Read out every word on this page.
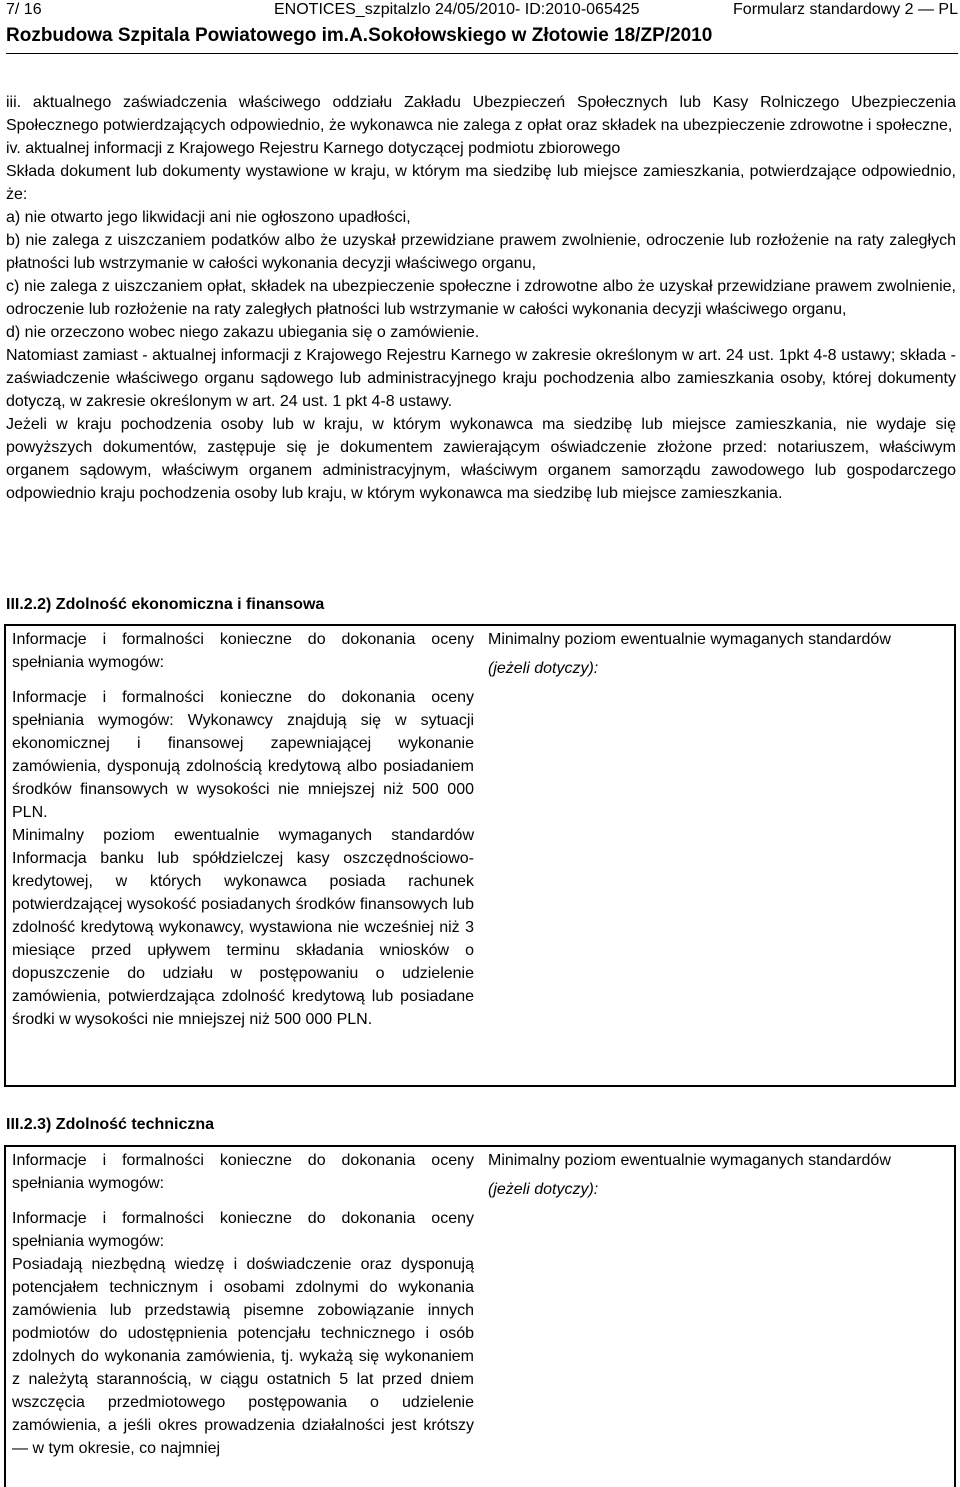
7/ 16	ENOTICES_szpitalzlo 24/05/2010- ID:2010-065425	Formularz standardowy 2 — PL
Rozbudowa Szpitala Powiatowego im.A.Sokołowskiego w Złotowie 18/ZP/2010

iii. aktualnego zaświadczenia właściwego oddziału Zakładu Ubezpieczeń Społecznych lub Kasy Rolniczego Ubezpieczenia Społecznego potwierdzających odpowiednio, że wykonawca nie zalega z opłat oraz składek na ubezpieczenie zdrowotne i społeczne,

iv. aktualnej informacji z Krajowego Rejestru Karnego dotyczącej podmiotu zbiorowego

Składa dokument lub dokumenty wystawione w kraju, w którym ma siedzibę lub miejsce zamieszkania, potwierdzające odpowiednio, że:

a) nie otwarto jego likwidacji ani nie ogłoszono upadłości,

b) nie zalega z uiszczaniem podatków albo że uzyskał przewidziane prawem zwolnienie, odroczenie lub rozłożenie na raty zaległych płatności lub wstrzymanie w całości wykonania decyzji właściwego organu,

c) nie zalega z uiszczaniem opłat, składek na ubezpieczenie społeczne i zdrowotne albo że uzyskał przewidziane prawem zwolnienie, odroczenie lub rozłożenie na raty zaległych płatności lub wstrzymanie w całości wykonania decyzji właściwego organu,

d) nie orzeczono wobec niego zakazu ubiegania się o zamówienie.

Natomiast zamiast - aktualnej informacji z Krajowego Rejestru Karnego w zakresie określonym w art. 24 ust. 1pkt 4-8 ustawy; składa - zaświadczenie właściwego organu sądowego lub administracyjnego kraju pochodzenia albo zamieszkania osoby, której dokumenty dotyczą, w zakresie określonym w art. 24 ust. 1 pkt 4-8 ustawy.

Jeżeli w kraju pochodzenia osoby lub w kraju, w którym wykonawca ma siedzibę lub miejsce zamieszkania, nie wydaje się powyższych dokumentów, zastępuje się je dokumentem zawierającym oświadczenie złożone przed: notariuszem, właściwym organem sądowym, właściwym organem administracyjnym, właściwym organem samorządu zawodowego lub gospodarczego odpowiednio kraju pochodzenia osoby lub kraju, w którym wykonawca ma siedzibę lub miejsce zamieszkania.

III.2.2) Zdolność ekonomiczna i finansowa

Informacje i formalności konieczne do dokonania oceny spełniania wymogów:

Informacje i formalności konieczne do dokonania oceny spełniania wymogów: Wykonawcy znajdują się w sytuacji ekonomicznej i finansowej zapewniającej wykonanie zamówienia, dysponują zdolnością kredytową albo posiadaniem środków finansowych w wysokości nie mniejszej niż 500 000 PLN.

Minimalny poziom ewentualnie wymaganych standardów Informacja banku lub spółdzielczej kasy oszczędnościowo-kredytowej, w których wykonawca posiada rachunek potwierdzającej wysokość posiadanych środków finansowych lub zdolność kredytową wykonawcy, wystawiona nie wcześniej niż 3 miesiące przed upływem terminu składania wniosków o dopuszczenie do udziału w postępowaniu o udzielenie zamówienia, potwierdzająca zdolność kredytową lub posiadane środki w wysokości nie mniejszej niż 500 000 PLN.

Minimalny poziom ewentualnie wymaganych standardów

(jeżeli dotyczy):

III.2.3) Zdolność techniczna

Informacje i formalności konieczne do dokonania oceny spełniania wymogów:

Informacje i formalności konieczne do dokonania oceny spełniania wymogów:

Posiadają niezbędną wiedzę i doświadczenie oraz dysponują potencjałem technicznym i osobami zdolnymi do wykonania zamówienia lub przedstawią pisemne zobowiązanie innych podmiotów do udostępnienia potencjału technicznego i osób zdolnych do wykonania zamówienia, tj. wykażą się wykonaniem z należytą starannością, w ciągu ostatnich 5 lat przed dniem wszczęcia przedmiotowego postępowania o udzielenie zamówienia, a jeśli okres prowadzenia działalności jest krótszy — w tym okresie, co najmniej

Minimalny poziom ewentualnie wymaganych standardów

(jeżeli dotyczy):
